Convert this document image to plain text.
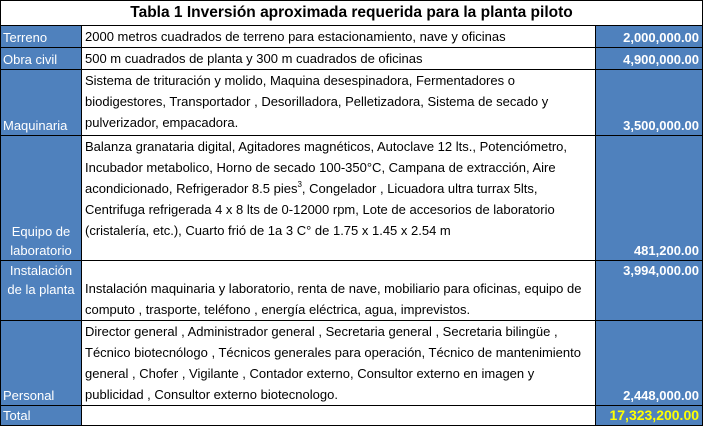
Tabla 1 Inversión aproximada requerida para la planta piloto		
Terreno	2000 metros cuadrados de terreno para estacionamiento, nave y oficinas	2,000,000.00
Obra civil	500 m cuadrados de planta y 300 m cuadrados de oficinas	4,900,000.00
Maquinaria	Sistema de trituración y molido, Maquina desespinadora, Fermentadores o biodigestores, Transportador , Desorilladora, Pelletizadora, Sistema de secado y pulverizador, empacadora.	3,500,000.00
Equipo de laboratorio	Balanza granataria digital, Agitadores magnéticos, Autoclave 12 lts., Potenciómetro, Incubador metabolico, Horno de secado 100-350°C, Campana de extracción, Aire acondicionado, Refrigerador 8.5 pies$^3$, Congelador , Licuadora ultra turrax 5lts, Centrifuga refrigerada 4 x 8 lts de 0-12000 rpm, Lote de accesorios de laboratorio (cristalería, etc.), Cuarto frió de 1a 3 C° de 1.75 x 1.45 x 2.54 m	481,200.00
Instalación de la planta	Instalación maquinaria y laboratorio, renta de nave, mobiliario para oficinas, equipo de computo , trasporte, teléfono , energía eléctrica, agua, imprevistos.	3,994,000.00
Personal	Director general , Administrador general , Secretaria general , Secretaria bilingüe , Técnico biotecnólogo , Técnicos generales para operación, Técnico de mantenimiento general , Chofer , Vigilante , Contador externo, Consultor externo en imagen y publicidad , Consultor externo biotecnologo.	2,448,000.00
Total		17,323,200.00
